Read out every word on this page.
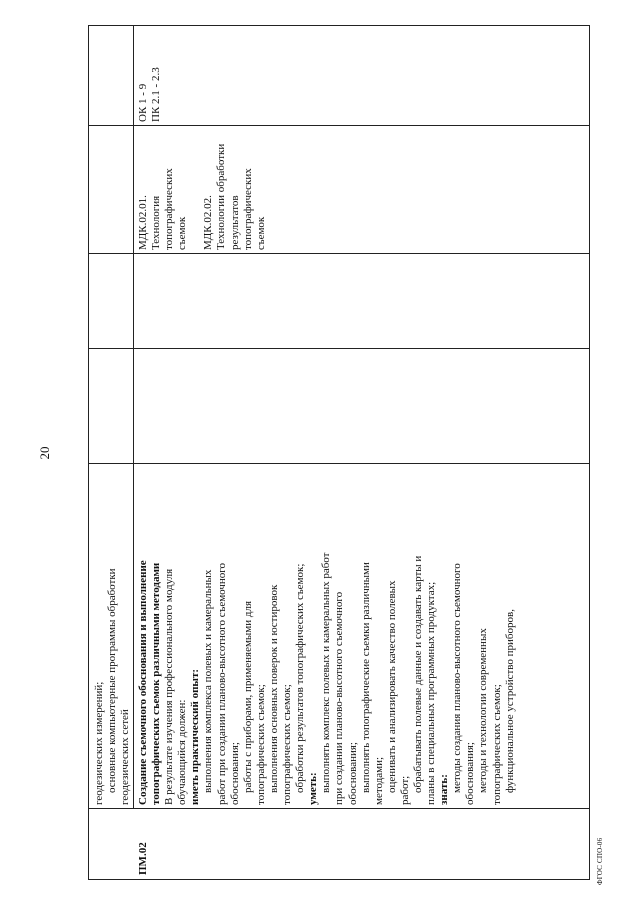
20
геодезических измерений; основные компьютерные программы обработки геодезических сетей
ПМ.02
Создание съемочного обоснования и выполнение топографических съемок различными методами В результате изучения профессионального модуля обучающийся должен: иметь практический опыт: выполнения комплекса полевых и камеральных работ при создании планово-высотного съемочного обоснования; работы с приборами, применяемыми для топографических съемок; выполнения основных поверок и юстировок топографических съемок; обработки результатов топографических съемок; уметь: выполнять комплекс полевых и камеральных работ при создании планово-высотного съемочного обоснования; выполнять топографические съемки различными методами; оценивать и анализировать качество полевых работ; обрабатывать полевые данные и создавать карты и планы в специальных программных продуктах; знать: методы создания планово-высотного съемочного обоснования; методы и технологии современных топографических съемок; функциональное устройство приборов,
МДК.02.01. Технология топографических съемок МДК.02.02. Технологии обработки результатов топографических съемок
ОК 1 - 9 ПК 2.1 - 2.3
ФГОС СПО-06
